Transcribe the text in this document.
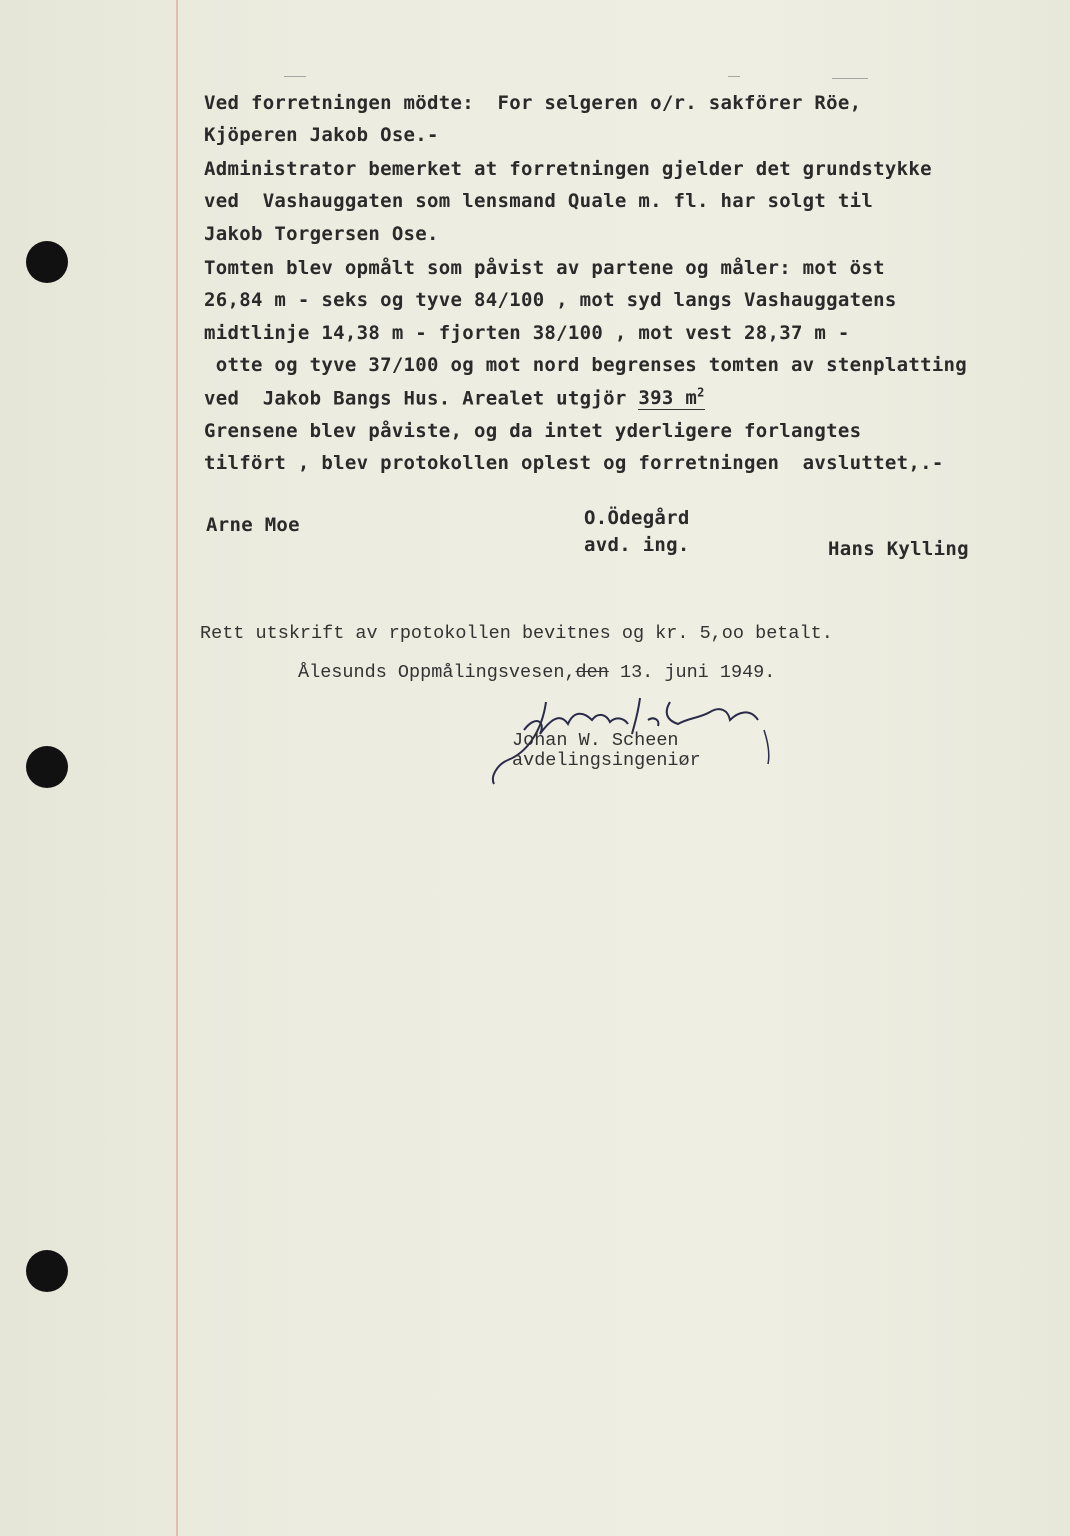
Ved forretningen mödte:  For selgeren o/r. sakförer Röe,
Kjöperen Jakob Ose.-
Administrator bemerket at forretningen gjelder det grundstykke
ved  Vashauggaten som lensmand Quale m. fl. har solgt til
Jakob Torgersen Ose.
Tomten blev opmålt som påvist av partene og måler: mot öst
26,84 m - seks og tyve 84/100 , mot syd langs Vashauggatens
midtlinje 14,38 m - fjorten 38/100 , mot vest 28,37 m -
otte og tyve 37/100 og mot nord begrenses tomten av stenplatting
ved  Jakob Bangs Hus. Arealet utgjör 393 $m^2$
Grensene blev påviste, og da intet yderligere forlangtes
tilfört , blev protokollen oplest og forretningen  avsluttet,.-
Arne Moe	O.Ödegård
avd. ing.	Hans Kylling
Rett utskrift av rpotokollen bevitnes og kr. 5,oo betalt.
Ålesunds Oppmålingsvesen,den 13. juni 1949.
Johan W. Scheen
avdelingsingeniør
